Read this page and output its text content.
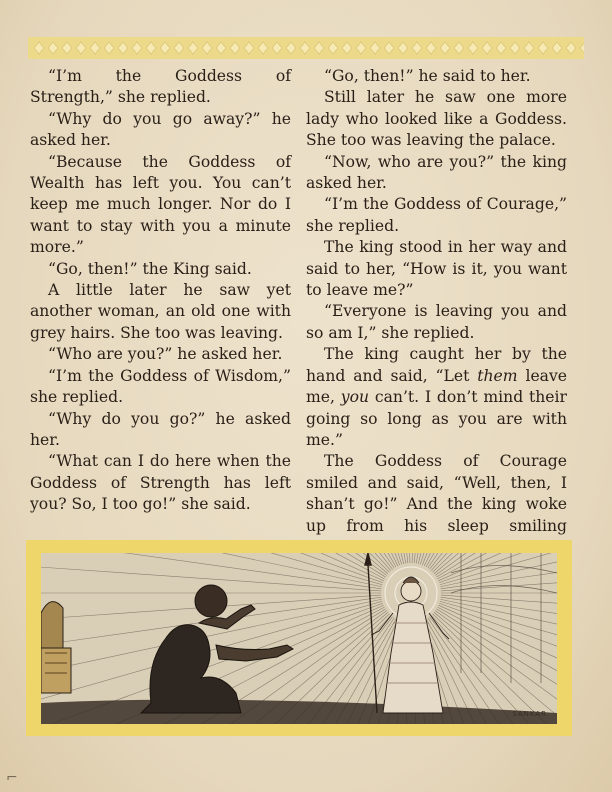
“I’m the Goddess of Strength,” she replied.

“Why do you go away?” he asked her.

“Because the Goddess of Wealth has left you. You can’t keep me much longer. Nor do I want to stay with you a minute more.”

“Go, then!” the King said.

A little later he saw yet another woman, an old one with grey hairs. She too was leaving.

“Who are you?” he asked her.

“I’m the Goddess of Wisdom,” she replied.

“Why do you go?” he asked her.

“What can I do here when the Goddess of Strength has left you? So, I too go!” she said.

“Go, then!” he said to her.

Still later he saw one more lady who looked like a Goddess. She too was leaving the palace.

“Now, who are you?” the king asked her.

“I’m the Goddess of Courage,” she replied.

The king stood in her way and said to her, “How is it, you want to leave me?”

“Everyone is leaving you and so am I,” she replied.

The king caught her by the hand and said, “Let them leave me, you can’t. I don’t mind their going so long as you are with me.”

The Goddess of Courage smiled and said, “Well, then, I shan’t go!” And the king woke up from his sleep smiling

SANKAR
⌐
